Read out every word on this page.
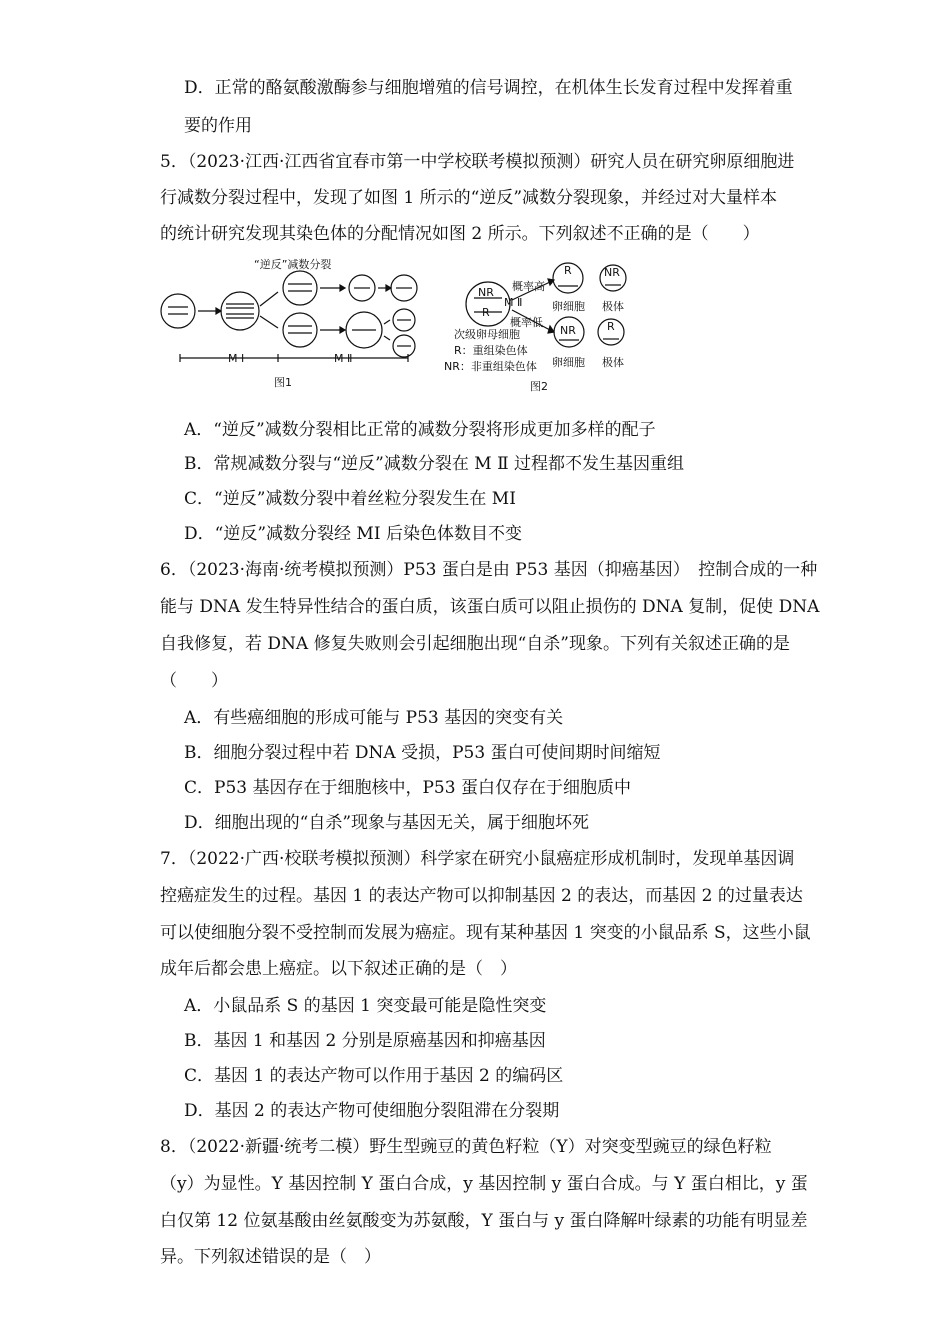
D．正常的酪氨酸激酶参与细胞增殖的信号调控，在机体生长发育过程中发挥着重
要的作用
5．（2023·江西·江西省宜春市第一中学校联考模拟预测）研究人员在研究卵原细胞进
行减数分裂过程中，发现了如图 1 所示的“逆反”减数分裂现象，并经过对大量样本
的统计研究发现其染色体的分配情况如图 2 所示。下列叙述不正确的是（　　）
“逆反”减数分裂
M I	M Ⅱ
图1
NR
R
M Ⅱ
概率高
概率低
R	NR
NR	R
卵细胞 极体
卵细胞 极体
次级卵母细胞
R：重组染色体
NR：非重组染色体
图2
A．“逆反”减数分裂相比正常的减数分裂将形成更加多样的配子
B．常规减数分裂与“逆反”减数分裂在 M Ⅱ 过程都不发生基因重组
C．“逆反”减数分裂中着丝粒分裂发生在 MI
D．“逆反”减数分裂经 MI 后染色体数目不变
6．（2023·海南·统考模拟预测）P53 蛋白是由 P53 基因（抑癌基因）　控制合成的一种
能与 DNA 发生特异性结合的蛋白质，该蛋白质可以阻止损伤的 DNA 复制，促使 DNA
自我修复，若 DNA 修复失败则会引起细胞出现“自杀”现象。下列有关叙述正确的是
（　　）
A．有些癌细胞的形成可能与 P53 基因的突变有关
B．细胞分裂过程中若 DNA 受损，P53 蛋白可使间期时间缩短
C．P53 基因存在于细胞核中，P53 蛋白仅存在于细胞质中
D．细胞出现的“自杀”现象与基因无关，属于细胞坏死
7．（2022·广西·校联考模拟预测）科学家在研究小鼠癌症形成机制时，发现单基因调
控癌症发生的过程。基因 1 的表达产物可以抑制基因 2 的表达，而基因 2 的过量表达
可以使细胞分裂不受控制而发展为癌症。现有某种基因 1 突变的小鼠品系 S，这些小鼠
成年后都会患上癌症。以下叙述正确的是（　）
A．小鼠品系 S 的基因 1 突变最可能是隐性突变
B．基因 1 和基因 2 分别是原癌基因和抑癌基因
C．基因 1 的表达产物可以作用于基因 2 的编码区
D．基因 2 的表达产物可使细胞分裂阻滞在分裂期
8．（2022·新疆·统考二模）野生型豌豆的黄色籽粒（Y）对突变型豌豆的绿色籽粒
（y）为显性。Y 基因控制 Y 蛋白合成，y 基因控制 y 蛋白合成。与 Y 蛋白相比，y 蛋
白仅第 12 位氨基酸由丝氨酸变为苏氨酸，Y 蛋白与 y 蛋白降解叶绿素的功能有明显差
异。下列叙述错误的是（　）
